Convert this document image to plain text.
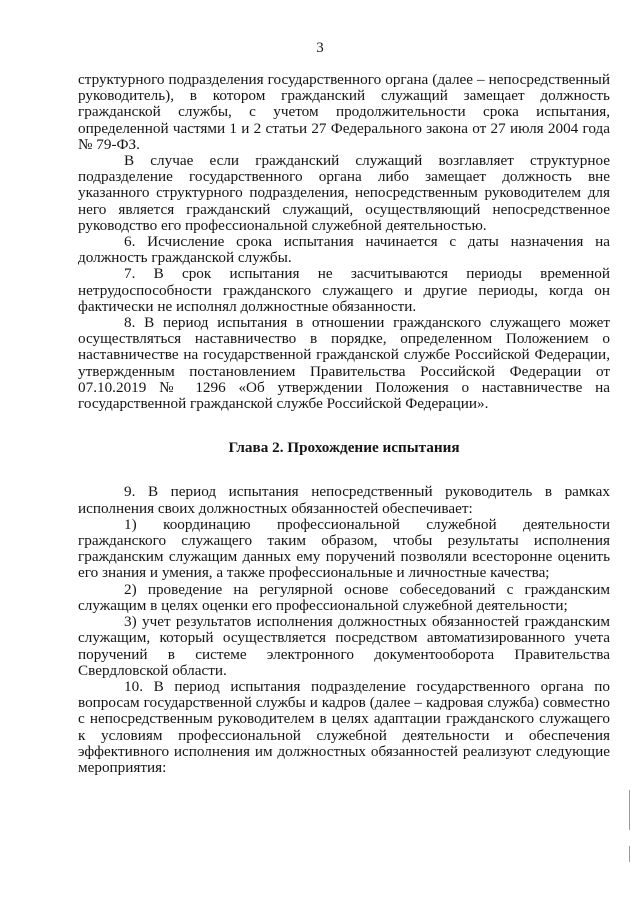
3

структурного подразделения государственного органа (далее – непосредственный руководитель), в котором гражданский служащий замещает должность гражданской службы, с учетом продолжительности срока испытания, определенной частями 1 и 2 статьи 27 Федерального закона от 27 июля 2004 года № 79-ФЗ.

В случае если гражданский служащий возглавляет структурное подразделение государственного органа либо замещает должность вне указанного структурного подразделения, непосредственным руководителем для него является гражданский служащий, осуществляющий непосредственное руководство его профессиональной служебной деятельностью.

6. Исчисление срока испытания начинается с даты назначения на должность гражданской службы.

7. В срок испытания не засчитываются периоды временной нетрудоспособности гражданского служащего и другие периоды, когда он фактически не исполнял должностные обязанности.

8. В период испытания в отношении гражданского служащего может осуществляться наставничество в порядке, определенном Положением о наставничестве на государственной гражданской службе Российской Федерации, утвержденным постановлением Правительства Российской Федерации от 07.10.2019 № 1296 «Об утверждении Положения о наставничестве на государственной гражданской службе Российской Федерации».

Глава 2. Прохождение испытания

9. В период испытания непосредственный руководитель в рамках исполнения своих должностных обязанностей обеспечивает:

1) координацию профессиональной служебной деятельности гражданского служащего таким образом, чтобы результаты исполнения гражданским служащим данных ему поручений позволяли всесторонне оценить его знания и умения, а также профессиональные и личностные качества;

2) проведение на регулярной основе собеседований с гражданским служащим в целях оценки его профессиональной служебной деятельности;

3) учет результатов исполнения должностных обязанностей гражданским служащим, который осуществляется посредством автоматизированного учета поручений в системе электронного документооборота Правительства Свердловской области.

10. В период испытания подразделение государственного органа по вопросам государственной службы и кадров (далее – кадровая служба) совместно с непосредственным руководителем в целях адаптации гражданского служащего к условиям профессиональной служебной деятельности и обеспечения эффективного исполнения им должностных обязанностей реализуют следующие мероприятия:
